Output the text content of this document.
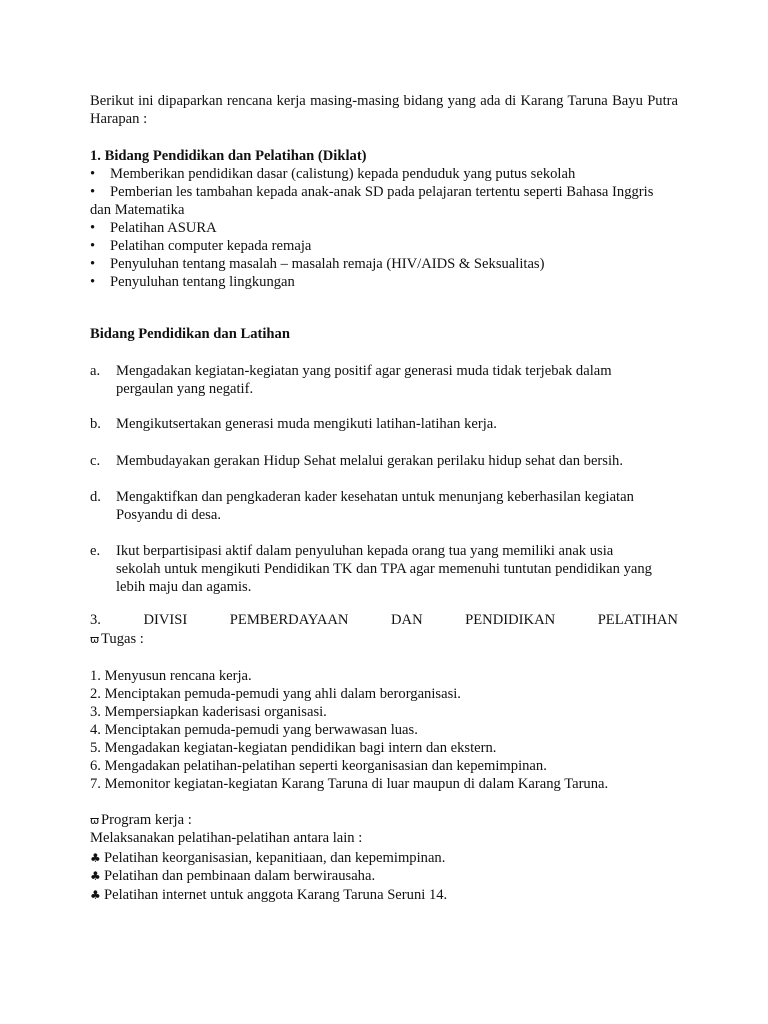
Berikut ini dipaparkan rencana kerja masing-masing bidang yang ada di Karang Taruna Bayu Putra Harapan :
1. Bidang Pendidikan dan Pelatihan (Diklat)
• Memberikan pendidikan dasar (calistung) kepada penduduk yang putus sekolah
• Pemberian les tambahan kepada anak-anak SD pada pelajaran tertentu seperti Bahasa Inggris
dan Matematika
• Pelatihan ASURA
• Pelatihan computer kepada remaja
• Penyuluhan tentang masalah – masalah remaja (HIV/AIDS & Seksualitas)
• Penyuluhan tentang lingkungan
Bidang Pendidikan dan Latihan
a. Mengadakan kegiatan-kegiatan yang positif agar generasi muda tidak terjebak dalam
pergaulan yang negatif.
b. Mengikutsertakan generasi muda mengikuti latihan-latihan kerja.
c. Membudayakan gerakan Hidup Sehat melalui gerakan perilaku hidup sehat dan bersih.
d. Mengaktifkan dan pengkaderan kader kesehatan untuk menunjang keberhasilan kegiatan
Posyandu di desa.
e. Ikut berpartisipasi aktif dalam penyuluhan kepada orang tua yang memiliki anak usia
sekolah untuk mengikuti Pendidikan TK dan TPA agar memenuhi tuntutan pendidikan yang
lebih maju dan agamis.
3.	DIVISI	PEMBERDAYAAN	DAN	PENDIDIKAN	PELATIHAN
ϖ Tugas :
1. Menyusun rencana kerja.
2. Menciptakan pemuda-pemudi yang ahli dalam berorganisasi.
3. Mempersiapkan kaderisasi organisasi.
4. Menciptakan pemuda-pemudi yang berwawasan luas.
5. Mengadakan kegiatan-kegiatan pendidikan bagi intern dan ekstern.
6. Mengadakan pelatihan-pelatihan seperti keorganisasian dan kepemimpinan.
7. Memonitor kegiatan-kegiatan Karang Taruna di luar maupun di dalam Karang Taruna.
ϖ Program kerja :
Melaksanakan pelatihan-pelatihan antara lain :
♣ Pelatihan keorganisasian, kepanitiaan, dan kepemimpinan.
♣ Pelatihan dan pembinaan dalam berwirausaha.
♣ Pelatihan internet untuk anggota Karang Taruna Seruni 14.
